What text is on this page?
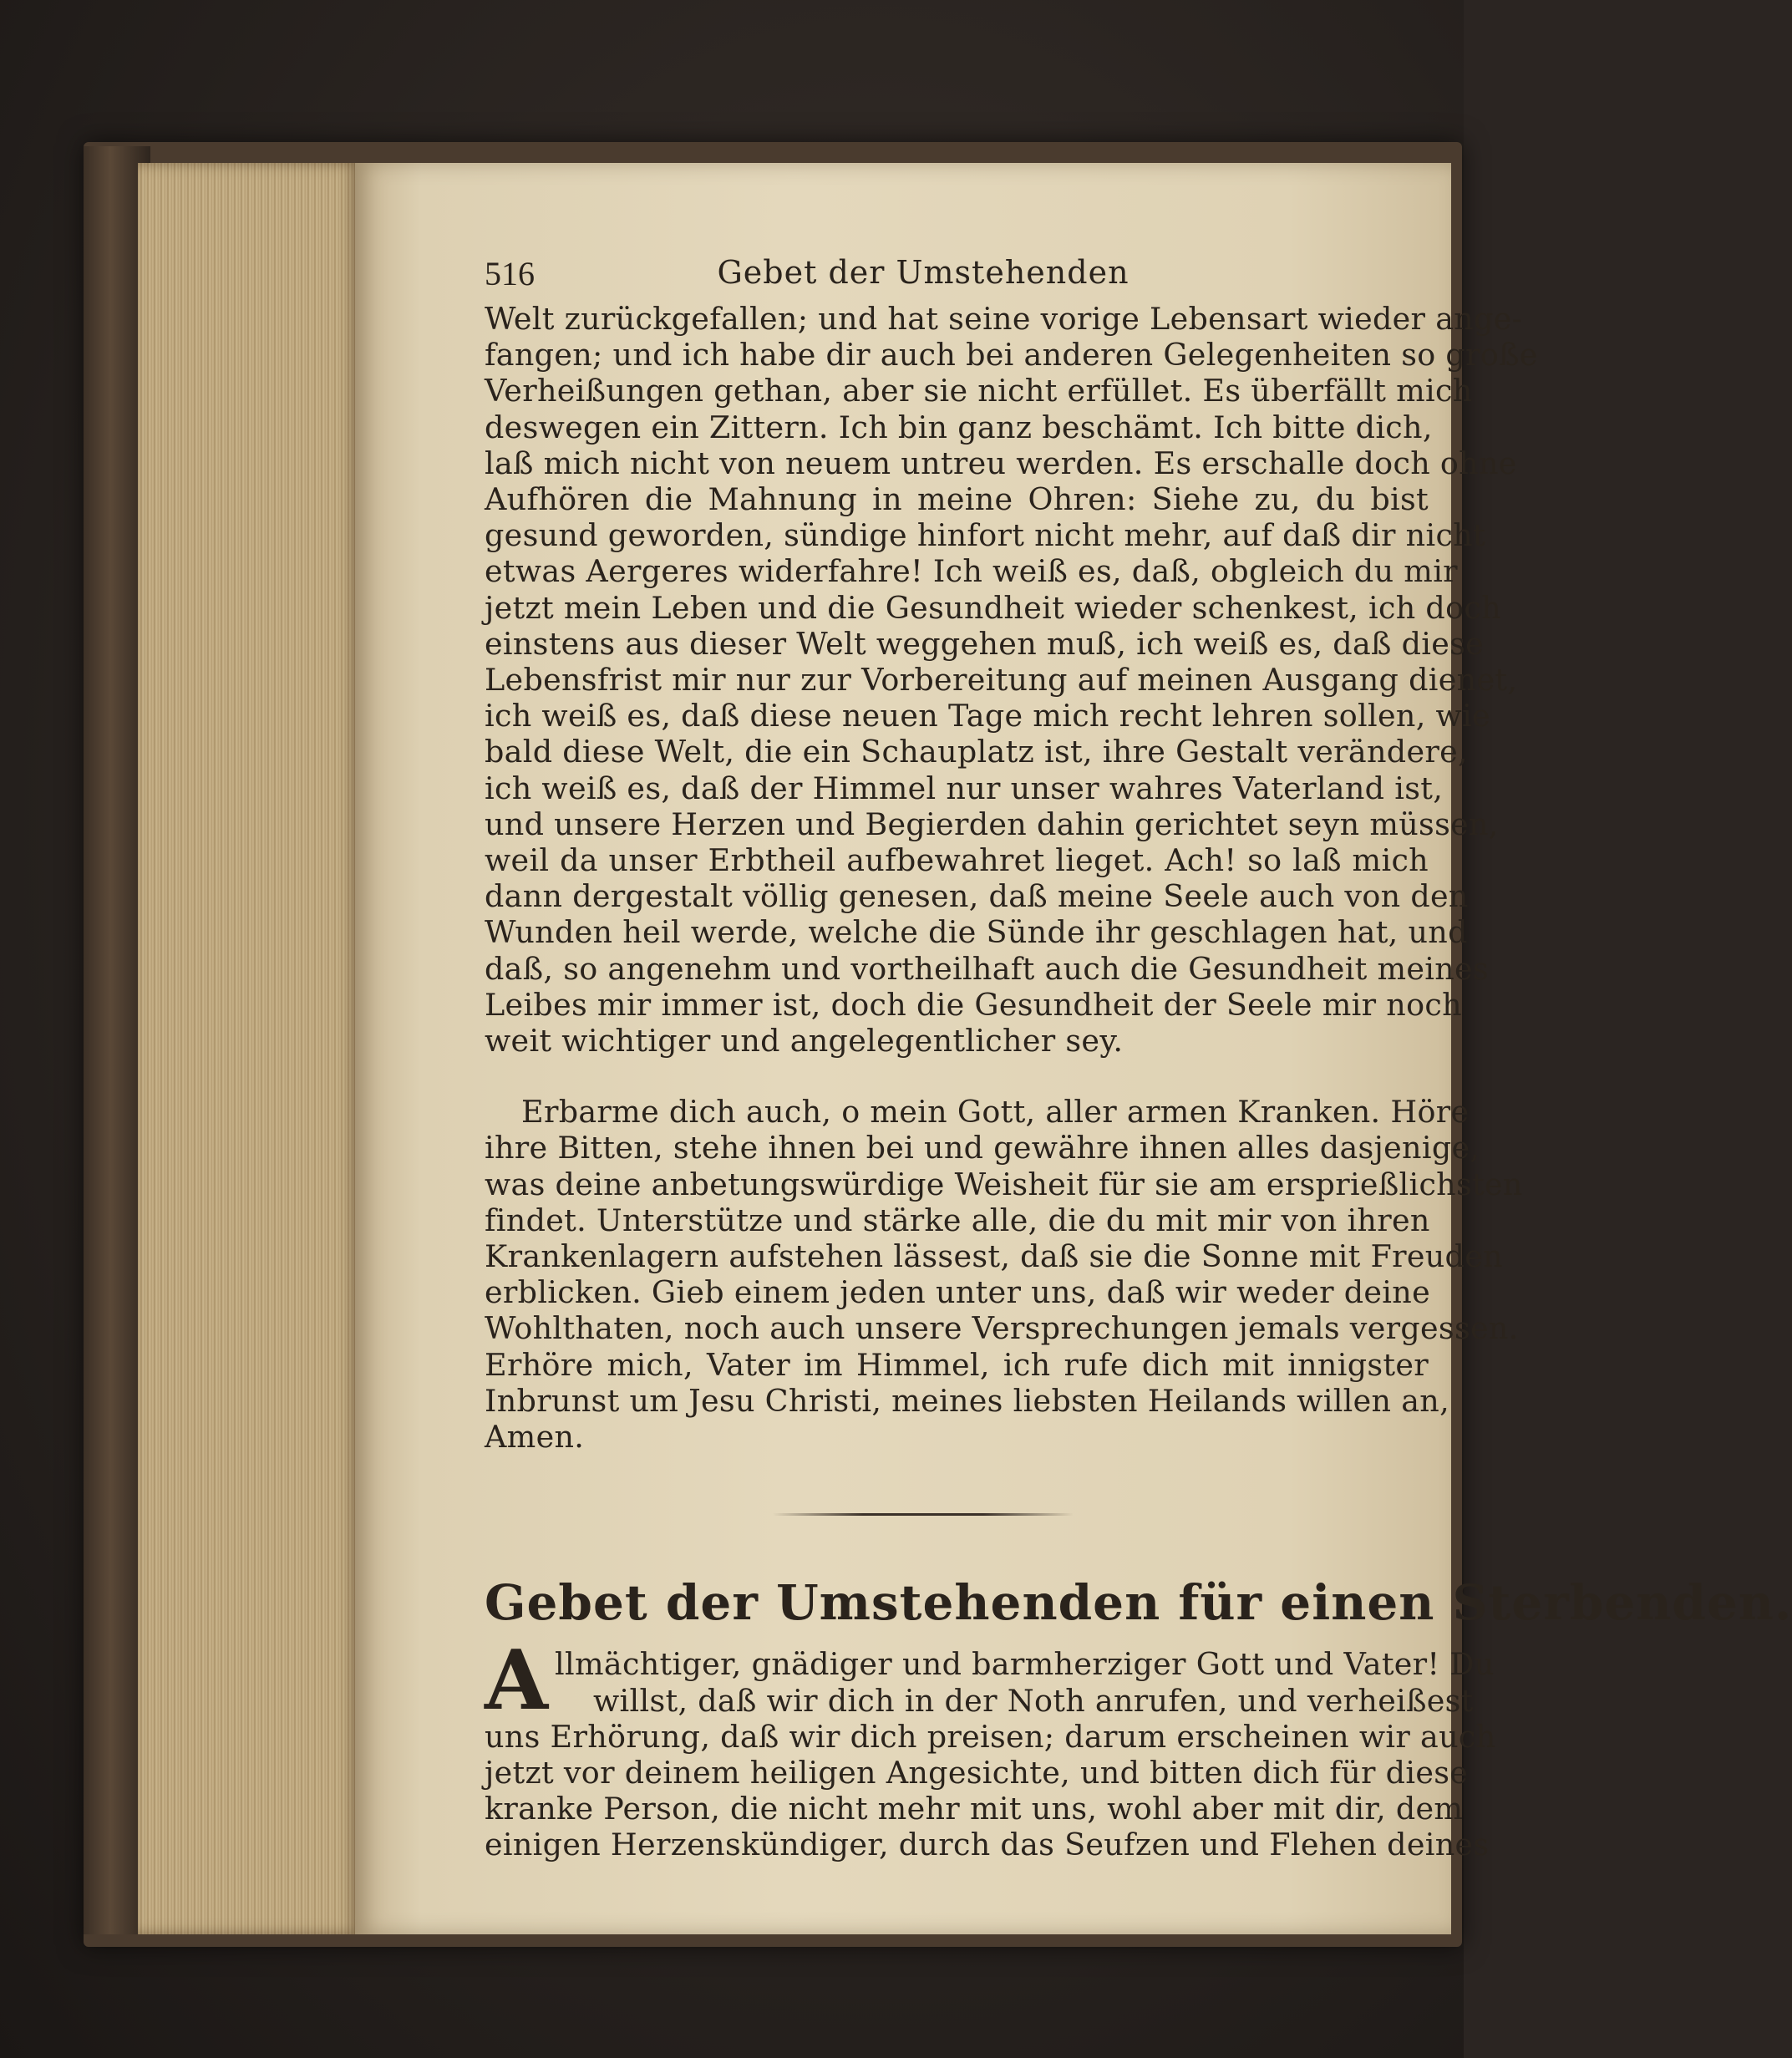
516	Gebet der Umstehenden

Welt zurückgefallen; und hat seine vorige Lebensart wieder ange-

fangen; und ich habe dir auch bei anderen Gelegenheiten so große

Verheißungen gethan, aber sie nicht erfüllet. Es überfällt mich

deswegen ein Zittern. Ich bin ganz beschämt. Ich bitte dich,

laß mich nicht von neuem untreu werden. Es erschalle doch ohne

Aufhören die Mahnung in meine Ohren: Siehe zu, du bist

gesund geworden, sündige hinfort nicht mehr, auf daß dir nicht

etwas Aergeres widerfahre! Ich weiß es, daß, obgleich du mir

jetzt mein Leben und die Gesundheit wieder schenkest, ich doch

einstens aus dieser Welt weggehen muß, ich weiß es, daß diese

Lebensfrist mir nur zur Vorbereitung auf meinen Ausgang dienet,

ich weiß es, daß diese neuen Tage mich recht lehren sollen, wie

bald diese Welt, die ein Schauplatz ist, ihre Gestalt verändere,

ich weiß es, daß der Himmel nur unser wahres Vaterland ist,

und unsere Herzen und Begierden dahin gerichtet seyn müssen,

weil da unser Erbtheil aufbewahret lieget. Ach! so laß mich

dann dergestalt völlig genesen, daß meine Seele auch von den

Wunden heil werde, welche die Sünde ihr geschlagen hat, und

daß, so angenehm und vortheilhaft auch die Gesundheit meines

Leibes mir immer ist, doch die Gesundheit der Seele mir noch

weit wichtiger und angelegentlicher sey.

Erbarme dich auch, o mein Gott, aller armen Kranken. Höre

ihre Bitten, stehe ihnen bei und gewähre ihnen alles dasjenige,

was deine anbetungswürdige Weisheit für sie am ersprießlichsten

findet. Unterstütze und stärke alle, die du mit mir von ihren

Krankenlagern aufstehen lässest, daß sie die Sonne mit Freuden

erblicken. Gieb einem jeden unter uns, daß wir weder deine

Wohlthaten, noch auch unsere Versprechungen jemals vergessen.

Erhöre mich, Vater im Himmel, ich rufe dich mit innigster

Inbrunst um Jesu Christi, meines liebsten Heilands willen an,

Amen.

Gebet der Umstehenden für einen Sterbenden.
A llmächtiger, gnädiger und barmherziger Gott und Vater! Du

willst, daß wir dich in der Noth anrufen, und verheißest

uns Erhörung, daß wir dich preisen; darum erscheinen wir auch

jetzt vor deinem heiligen Angesichte, und bitten dich für diese

kranke Person, die nicht mehr mit uns, wohl aber mit dir, dem

einigen Herzenskündiger, durch das Seufzen und Flehen deines
